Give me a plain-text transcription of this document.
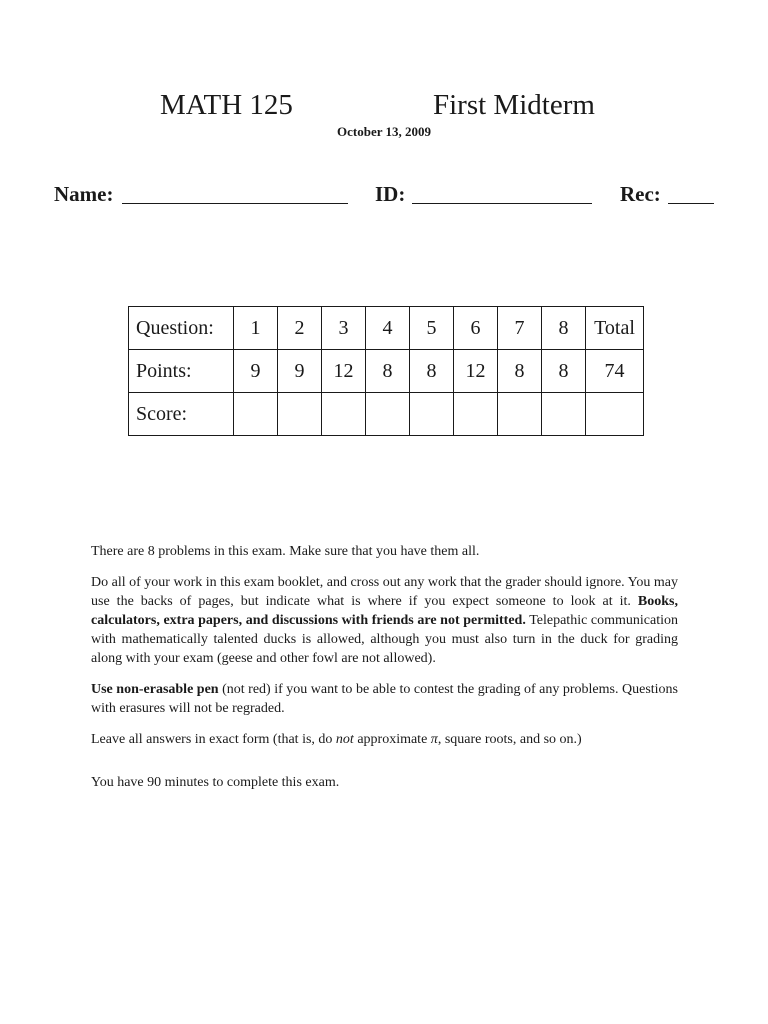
MATH 125	First Midterm
October 13, 2009
Name:	ID:	Rec:
Question:	1	2	3	4	5	6	7	8	Total
Points:	9	9	12	8	8	12	8	8	74
Score:									

There are 8 problems in this exam. Make sure that you have them all.

Do all of your work in this exam booklet, and cross out any work that the grader should ignore. You may use the backs of pages, but indicate what is where if you expect someone to look at it. Books, calculators, extra papers, and discussions with friends are not permitted. Telepathic communication with mathematically talented ducks is allowed, although you must also turn in the duck for grading along with your exam (geese and other fowl are not allowed).

Use non-erasable pen (not red) if you want to be able to contest the grading of any problems. Questions with erasures will not be regraded.

Leave all answers in exact form (that is, do not approximate π, square roots, and so on.)

You have 90 minutes to complete this exam.
